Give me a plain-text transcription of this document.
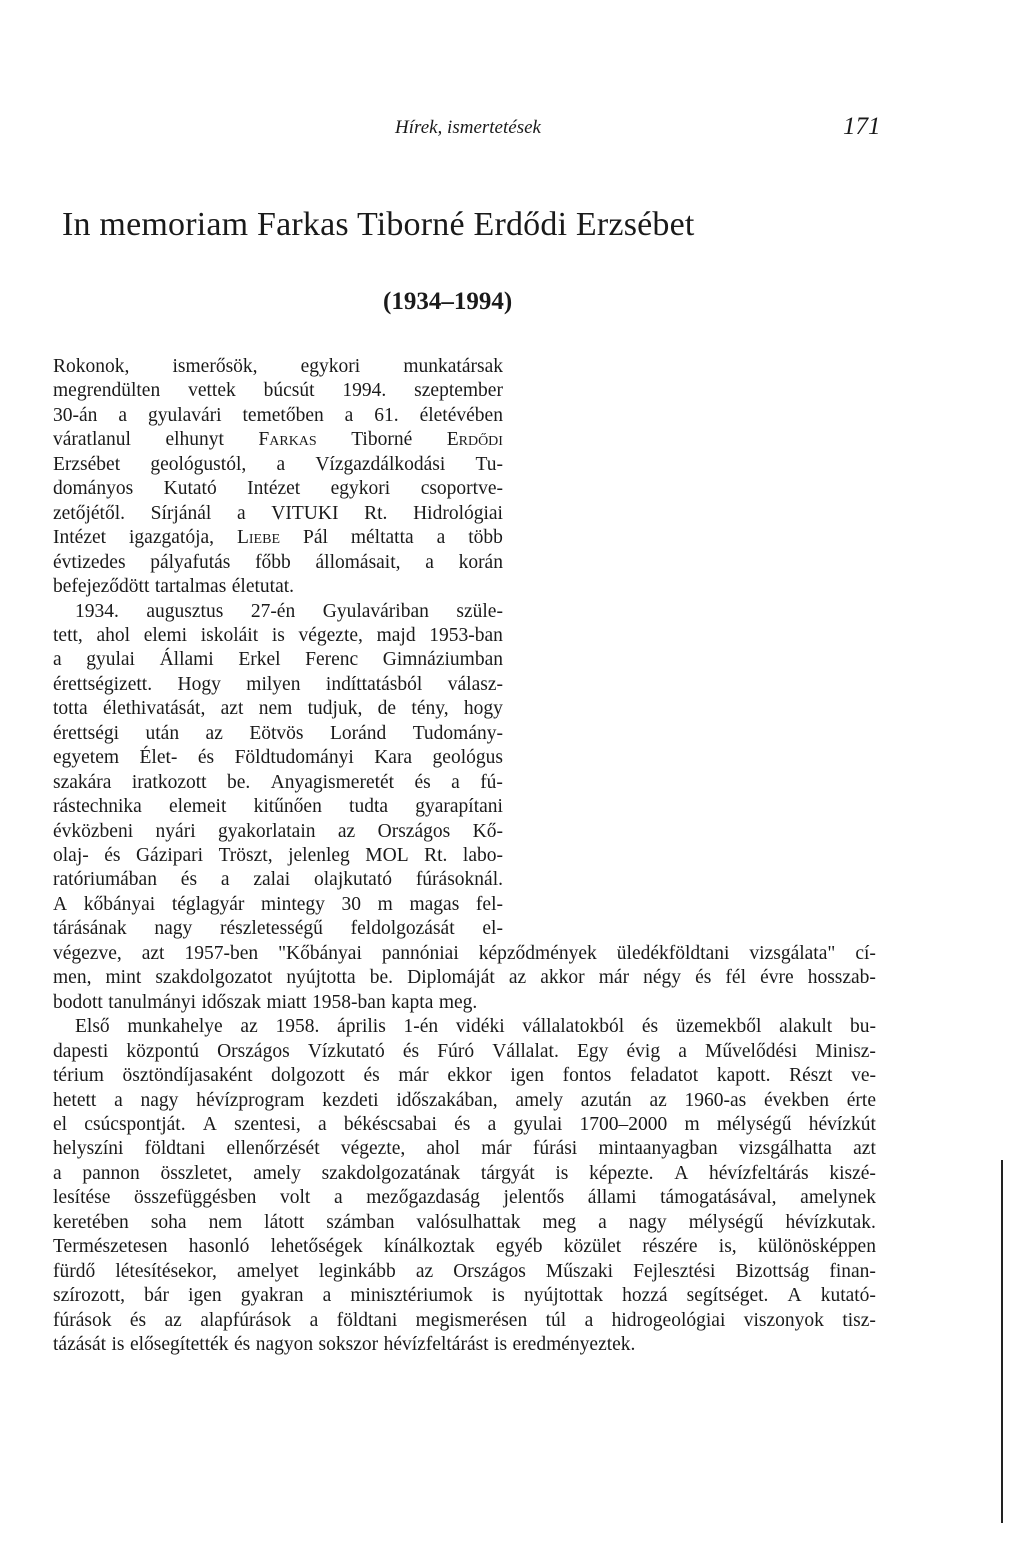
Hírek, ismertetések	171
In memoriam Farkas Tiborné Erdődi Erzsébet
(1934–1994)
Rokonok, ismerősök, egykori munkatársak
megrendülten vettek búcsút 1994. szeptember
30-án a gyulavári temetőben a 61. életévében
váratlanul elhunyt Farkas Tiborné Erdődi
Erzsébet geológustól, a Vízgazdálkodási Tu-
dományos Kutató Intézet egykori csoportve-
zetőjétől. Sírjánál a VITUKI Rt. Hidrológiai
Intézet igazgatója, Liebe Pál méltatta a több
évtizedes pályafutás főbb állomásait, a korán
befejeződött tartalmas életutat.
1934. augusztus 27-én Gyulaváriban szüle-
tett, ahol elemi iskoláit is végezte, majd 1953-ban
a gyulai Állami Erkel Ferenc Gimnáziumban
érettségizett. Hogy milyen indíttatásból válasz-
totta élethivatását, azt nem tudjuk, de tény, hogy
érettségi után az Eötvös Loránd Tudomány-
egyetem Élet- és Földtudományi Kara geológus
szakára iratkozott be. Anyagismeretét és a fú-
rástechnika elemeit kitűnően tudta gyarapítani
évközbeni nyári gyakorlatain az Országos Kő-
olaj- és Gázipari Tröszt, jelenleg MOL Rt. labo-
ratóriumában és a zalai olajkutató fúrásoknál.
A kőbányai téglagyár mintegy 30 m magas fel-
tárásának nagy részletességű feldolgozását el-
végezve, azt 1957-ben "Kőbányai pannóniai képződmények üledékföldtani vizsgálata" cí-
men, mint szakdolgozatot nyújtotta be. Diplomáját az akkor már négy és fél évre hosszab-
bodott tanulmányi időszak miatt 1958-ban kapta meg.
Első munkahelye az 1958. április 1-én vidéki vállalatokból és üzemekből alakult bu-
dapesti központú Országos Vízkutató és Fúró Vállalat. Egy évig a Művelődési Minisz-
térium ösztöndíjasaként dolgozott és már ekkor igen fontos feladatot kapott. Részt ve-
hetett a nagy hévízprogram kezdeti időszakában, amely azután az 1960-as években érte
el csúcspontját. A szentesi, a békéscsabai és a gyulai 1700–2000 m mélységű hévízkút
helyszíni földtani ellenőrzését végezte, ahol már fúrási mintaanyagban vizsgálhatta azt
a pannon összletet, amely szakdolgozatának tárgyát is képezte. A hévízfeltárás kiszé-
lesítése összefüggésben volt a mezőgazdaság jelentős állami támogatásával, amelynek
keretében soha nem látott számban valósulhattak meg a nagy mélységű hévízkutak.
Természetesen hasonló lehetőségek kínálkoztak egyéb közület részére is, különösképpen
fürdő létesítésekor, amelyet leginkább az Országos Műszaki Fejlesztési Bizottság finan-
szírozott, bár igen gyakran a minisztériumok is nyújtottak hozzá segítséget. A kutató-
fúrások és az alapfúrások a földtani megismerésen túl a hidrogeológiai viszonyok tisz-
tázását is elősegítették és nagyon sokszor hévízfeltárást is eredményeztek.
